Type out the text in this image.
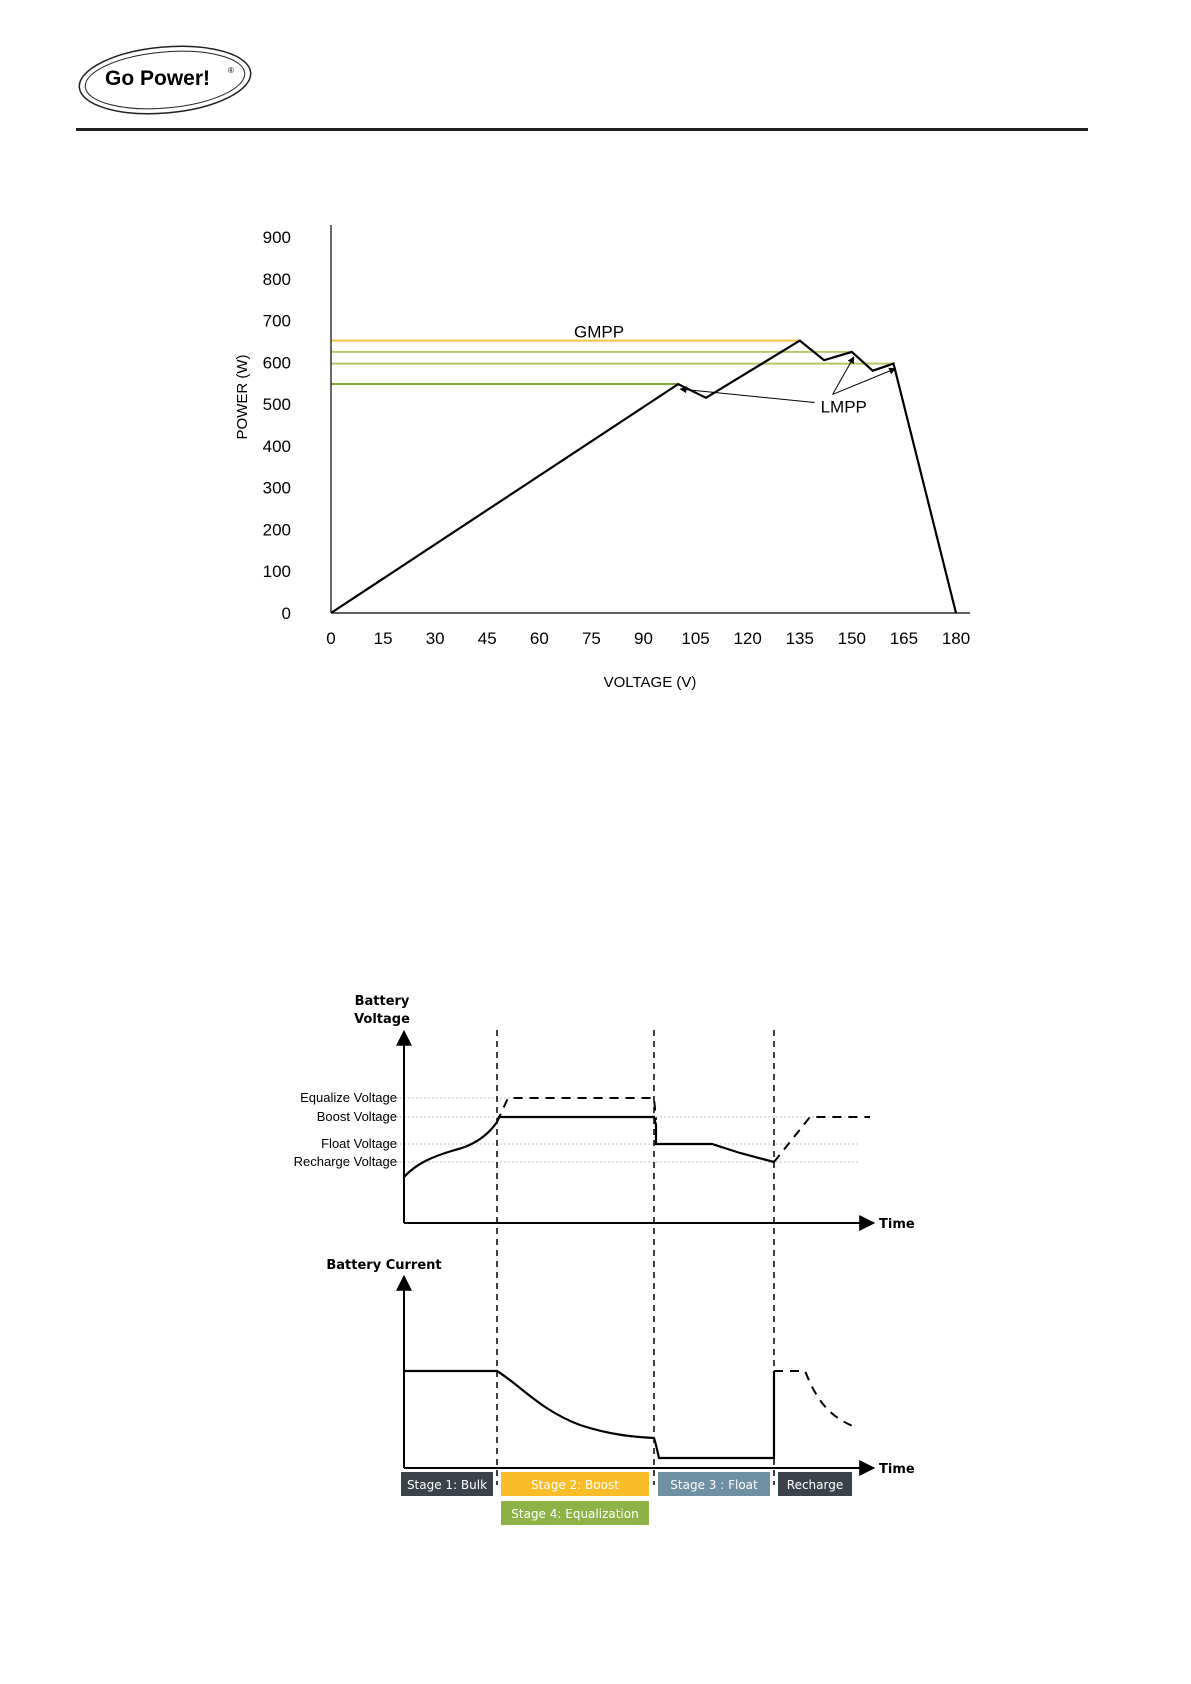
Go Power! ®
0
100
200
300
400
500
600
700
800
900
0 15 30 45 60 75 90 105 120 135 150 165 180
GMPP
LMPP
VOLTAGE (V)
POWER (W)
Battery
Voltage
Battery Current
Equalize Voltage
Boost Voltage
Float Voltage
Recharge Voltage
Time
Time
Stage 1: Bulk	Stage 2: Boost	Stage 3 : Float Recharge
Stage 4: Equalization
